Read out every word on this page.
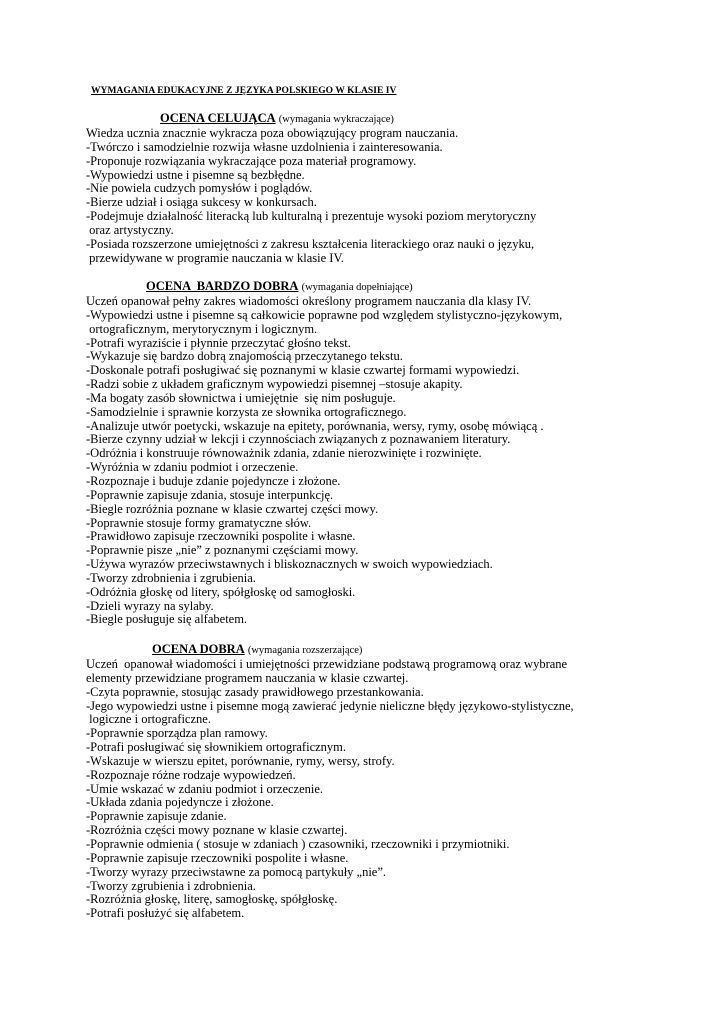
WYMAGANIA EDUKACYJNE Z JĘZYKA POLSKIEGO W KLASIE IV
OCENA CELUJĄCA (wymagania wykraczające)
Wiedza ucznia znacznie wykracza poza obowiązujący program nauczania.
-Twórczo i samodzielnie rozwija własne uzdolnienia i zainteresowania.
-Proponuje rozwiązania wykraczające poza materiał programowy.
-Wypowiedzi ustne i pisemne są bezbłędne.
-Nie powiela cudzych pomysłów i poglądów.
-Bierze udział i osiąga sukcesy w konkursach.
-Podejmuje działalność literacką lub kulturalną i prezentuje wysoki poziom merytoryczny
oraz artystyczny.
-Posiada rozszerzone umiejętności z zakresu kształcenia literackiego oraz nauki o języku,
przewidywane w programie nauczania w klasie IV.
OCENA  BARDZO DOBRA (wymagania dopełniające)
Uczeń opanował pełny zakres wiadomości określony programem nauczania dla klasy IV.
-Wypowiedzi ustne i pisemne są całkowicie poprawne pod względem stylistyczno-językowym,
ortograficznym, merytorycznym i logicznym.
-Potrafi wyraziście i płynnie przeczytać głośno tekst.
-Wykazuje się bardzo dobrą znajomością przeczytanego tekstu.
-Doskonale potrafi posługiwać się poznanymi w klasie czwartej formami wypowiedzi.
-Radzi sobie z układem graficznym wypowiedzi pisemnej –stosuje akapity.
-Ma bogaty zasób słownictwa i umiejętnie  się nim posługuje.
-Samodzielnie i sprawnie korzysta ze słownika ortograficznego.
-Analizuje utwór poetycki, wskazuje na epitety, porównania, wersy, rymy, osobę mówiącą .
-Bierze czynny udział w lekcji i czynnościach związanych z poznawaniem literatury.
-Odróżnia i konstruuje równoważnik zdania, zdanie nierozwinięte i rozwinięte.
-Wyróżnia w zdaniu podmiot i orzeczenie.
-Rozpoznaje i buduje zdanie pojedyncze i złożone.
-Poprawnie zapisuje zdania, stosuje interpunkcję.
-Biegle rozróżnia poznane w klasie czwartej części mowy.
-Poprawnie stosuje formy gramatyczne słów.
-Prawidłowo zapisuje rzeczowniki pospolite i własne.
-Poprawnie pisze „nie” z poznanymi częściami mowy.
-Używa wyrazów przeciwstawnych i bliskoznacznych w swoich wypowiedziach.
-Tworzy zdrobnienia i zgrubienia.
-Odróżnia głoskę od litery, spółgłoskę od samogłoski.
-Dzieli wyrazy na sylaby.
-Biegle posługuje się alfabetem.
OCENA DOBRA (wymagania rozszerzające)
Uczeń  opanował wiadomości i umiejętności przewidziane podstawą programową oraz wybrane
elementy przewidziane programem nauczania w klasie czwartej.
-Czyta poprawnie, stosując zasady prawidłowego przestankowania.
-Jego wypowiedzi ustne i pisemne mogą zawierać jedynie nieliczne błędy językowo-stylistyczne,
logiczne i ortograficzne.
-Poprawnie sporządza plan ramowy.
-Potrafi posługiwać się słownikiem ortograficznym.
-Wskazuje w wierszu epitet, porównanie, rymy, wersy, strofy.
-Rozpoznaje różne rodzaje wypowiedzeń.
-Umie wskazać w zdaniu podmiot i orzeczenie.
-Układa zdania pojedyncze i złożone.
-Poprawnie zapisuje zdanie.
-Rozróżnia części mowy poznane w klasie czwartej.
-Poprawnie odmienia ( stosuje w zdaniach ) czasowniki, rzeczowniki i przymiotniki.
-Poprawnie zapisuje rzeczowniki pospolite i własne.
-Tworzy wyrazy przeciwstawne za pomocą partykuły „nie”.
-Tworzy zgrubienia i zdrobnienia.
-Rozróżnia głoskę, literę, samogłoskę, spółgłoskę.
-Potrafi posłużyć się alfabetem.
